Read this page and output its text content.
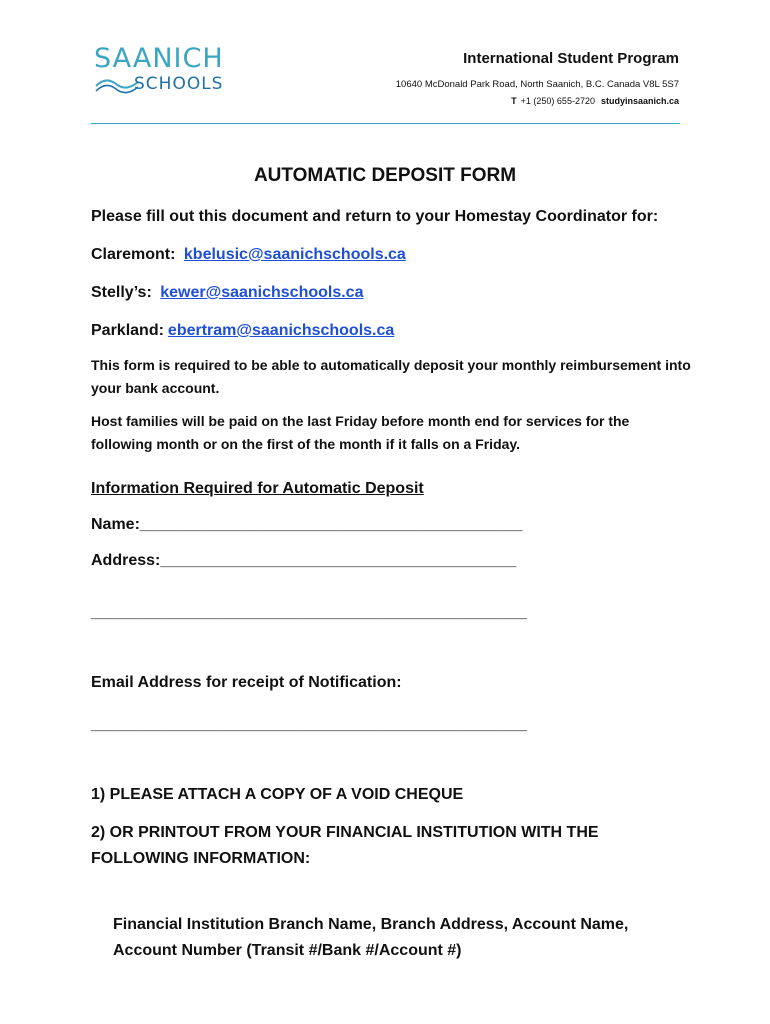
SAANICH
SCHOOLS
International Student Program
10640 McDonald Park Road, North Saanich, B.C. Canada V8L 5S7
T +1 (250) 655-2720 studyinsaanich.ca
AUTOMATIC DEPOSIT FORM

Please fill out this document and return to your Homestay Coordinator for:

Claremont: kbelusic@saanichschools.ca

Stelly’s: kewer@saanichschools.ca

Parkland: ebertram@saanichschools.ca

This form is required to be able to automatically deposit your monthly reimbursement into your bank account.

Host families will be paid on the last Friday before month end for services for the following month or on the first of the month if it falls on a Friday.

Information Required for Automatic Deposit

Name:___________________________________________

Address:________________________________________

_________________________________________________

Email Address for receipt of Notification:

_________________________________________________

1) PLEASE ATTACH A COPY OF A VOID CHEQUE

2) OR PRINTOUT FROM YOUR FINANCIAL INSTITUTION WITH THE FOLLOWING INFORMATION:

Financial Institution Branch Name, Branch Address, Account Name, Account Number (Transit #/Bank #/Account #)
